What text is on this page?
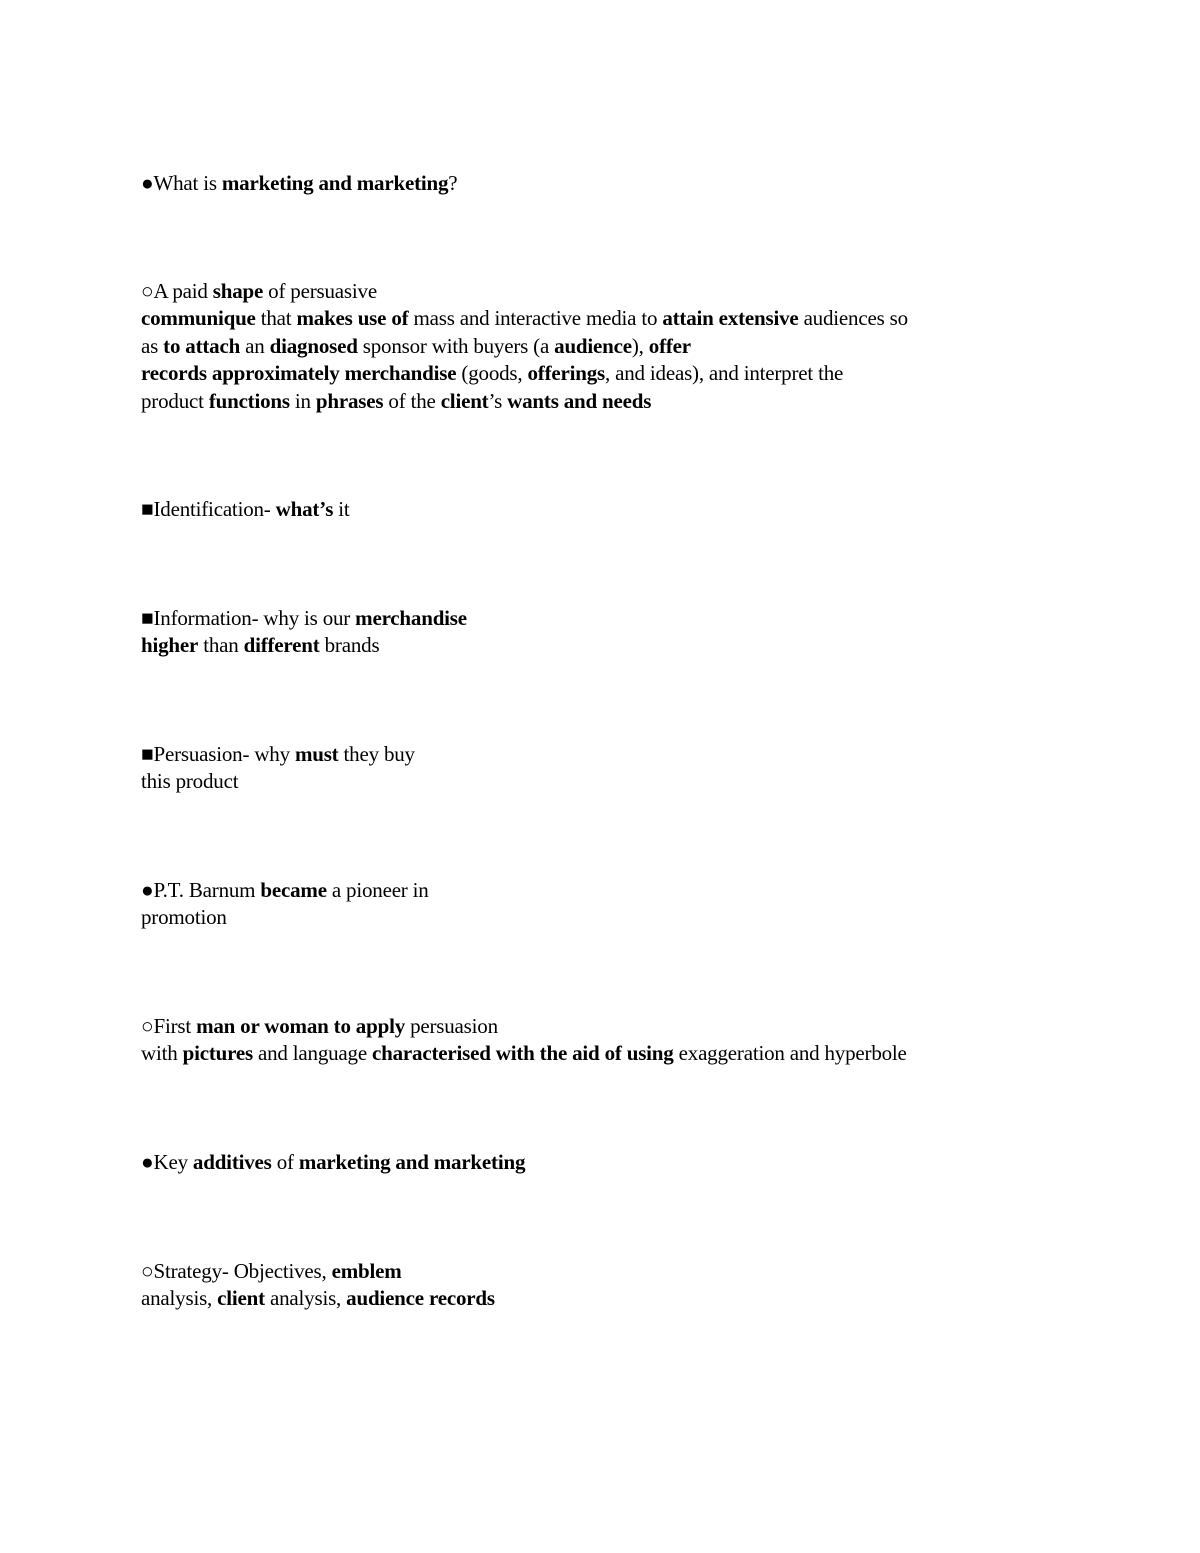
●What is marketing and marketing?
○A paid shape of persuasive
communique that makes use of mass and interactive media to attain extensive audiences so
as to attach an diagnosed sponsor with buyers (a audience), offer
records approximately merchandise (goods, offerings, and ideas), and interpret the
product functions in phrases of the client’s wants and needs
■Identification- what’s it
■Information- why is our merchandise
higher than different brands
■Persuasion- why must they buy
this product
●P.T. Barnum became a pioneer in
promotion
○First man or woman to apply persuasion
with pictures and language characterised with the aid of using exaggeration and hyperbole
●Key additives of marketing and marketing
○Strategy- Objectives, emblem
analysis, client analysis, audience records
